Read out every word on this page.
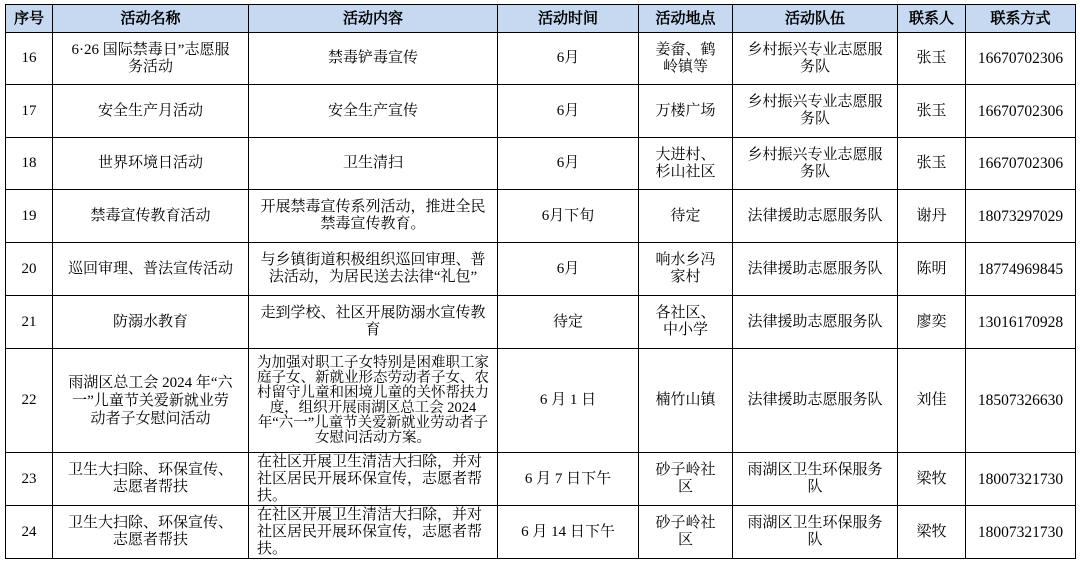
序号	活动名称	活动内容	活动时间	活动地点	活动队伍	联系人	联系方式
16	6·26 国际禁毒日”志愿服务活动	禁毒铲毒宣传	6月	姜畲、鹤岭镇等	乡村振兴专业志愿服务队	张玉	16670702306
17	安全生产月活动	安全生产宣传	6月	万楼广场	乡村振兴专业志愿服务队	张玉	16670702306
18	世界环境日活动	卫生清扫	6月	大进村、杉山社区	乡村振兴专业志愿服务队	张玉	16670702306
19	禁毒宣传教育活动	开展禁毒宣传系列活动，推进全民禁毒宣传教育。	6月下旬	待定	法律援助志愿服务队	谢丹	18073297029
20	巡回审理、普法宣传活动	与乡镇街道积极组织巡回审理、普法活动，为居民送去法律“礼包”	6月	响水乡冯家村	法律援助志愿服务队	陈明	18774969845
21	防溺水教育	走到学校、社区开展防溺水宣传教育	待定	各社区、中小学	法律援助志愿服务队	廖奕	13016170928
22	雨湖区总工会 2024 年“六一”儿童节关爱新就业劳动者子女慰问活动	为加强对职工子女特别是困难职工家庭子女、新就业形态劳动者子女、农村留守儿童和困境儿童的关怀帮扶力度，组织开展雨湖区总工会 2024 年“六一”儿童节关爱新就业劳动者子女慰问活动方案。	6 月 1 日	楠竹山镇	法律援助志愿服务队	刘佳	18507326630
23	卫生大扫除、环保宣传、志愿者帮扶	在社区开展卫生清洁大扫除，并对社区居民开展环保宣传，志愿者帮扶。	6 月 7 日下午	砂子岭社区	雨湖区卫生环保服务队	梁牧	18007321730
24	卫生大扫除、环保宣传、志愿者帮扶	在社区开展卫生清洁大扫除，并对社区居民开展环保宣传，志愿者帮扶。	6 月 14 日下午	砂子岭社区	雨湖区卫生环保服务队	梁牧	18007321730
